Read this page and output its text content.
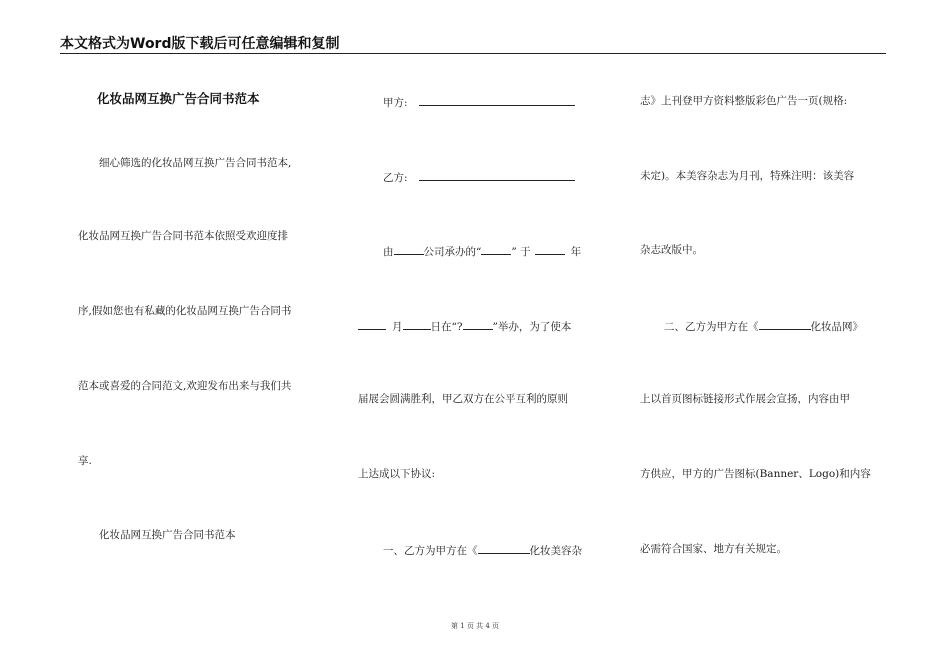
本文格式为Word版下载后可任意编辑和复制
化妆品网互换广告合同书范本
细心筛选的化妆品网互换广告合同书范本,
化妆品网互换广告合同书范本依照受欢迎度排
序,假如您也有私藏的化妆品网互换广告合同书
范本或喜爱的合同范文,欢迎发布出来与我们共
享.
化妆品网互换广告合同书范本
甲方:
乙方:
由	公司承办的“	” 于	年
月	日在“?	”举办，为了使本
届展会圆满胜利，甲乙双方在公平互利的原则
上达成以下协议:
一、乙方为甲方在《	化妆美容杂
志》上刊登甲方资料整版彩色广告一页(规格:
未定)。本美容杂志为月刊，特殊注明：该美容
杂志改版中。
二、乙方为甲方在《	化妆品网》
上以首页图标链接形式作展会宣扬，内容由甲
方供应，甲方的广告图标(Banner、Logo)和内容
必需符合国家、地方有关规定。
第 1 页 共 4 页
